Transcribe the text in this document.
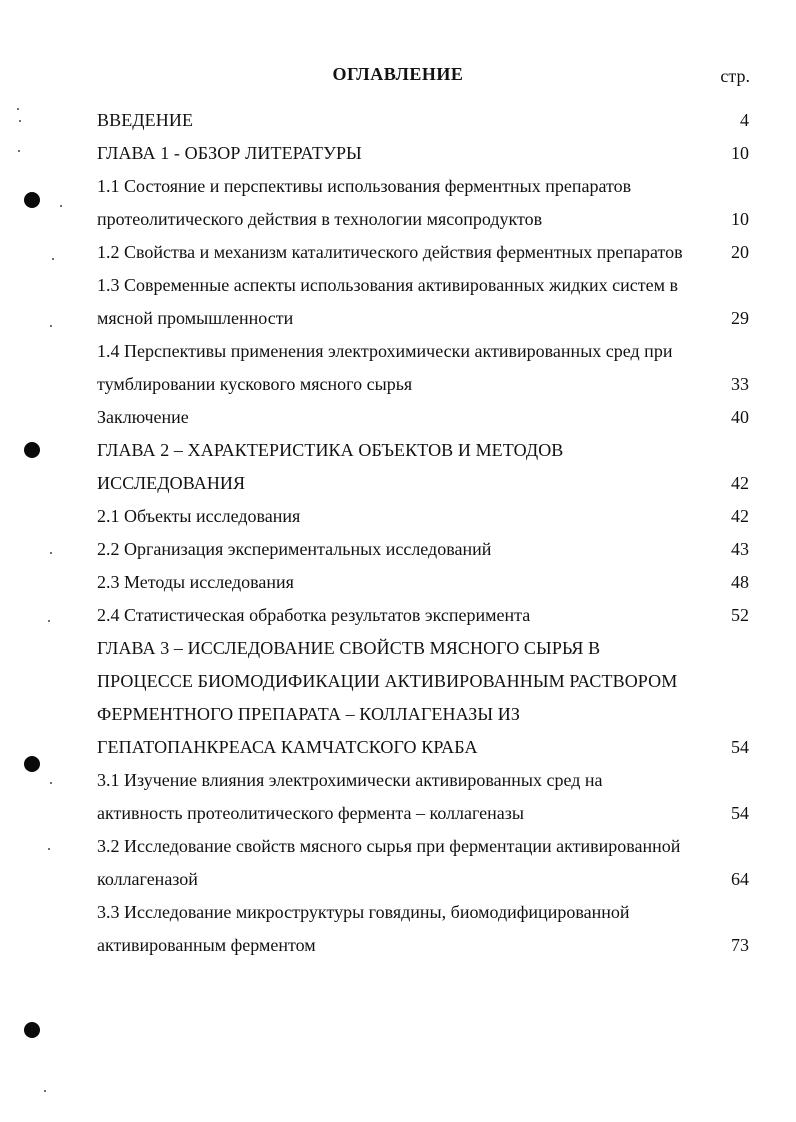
ОГЛАВЛЕНИЕ	стр.
ВВЕДЕНИЕ	4
ГЛАВА 1 - ОБЗОР ЛИТЕРАТУРЫ	10
1.1 Состояние и перспективы использования ферментных препаратов протеолитического действия в технологии мясопродуктов	10
1.2 Свойства и механизм каталитического действия ферментных препаратов	20
1.3 Современные аспекты использования активированных жидких систем в мясной промышленности	29
1.4 Перспективы применения электрохимически активированных сред при тумблировании кускового мясного сырья	33
Заключение	40
ГЛАВА 2 – ХАРАКТЕРИСТИКА ОБЪЕКТОВ И МЕТОДОВ ИССЛЕДОВАНИЯ	42
2.1 Объекты исследования	42
2.2 Организация экспериментальных исследований	43
2.3 Методы исследования	48
2.4 Статистическая обработка результатов эксперимента	52
ГЛАВА 3 – ИССЛЕДОВАНИЕ СВОЙСТВ МЯСНОГО СЫРЬЯ В ПРОЦЕССЕ БИОМОДИФИКАЦИИ АКТИВИРОВАННЫМ РАСТВОРОМ ФЕРМЕНТНОГО ПРЕПАРАТА – КОЛЛАГЕНАЗЫ ИЗ ГЕПАТОПАНКРЕАСА КАМЧАТСКОГО КРАБА	54
3.1 Изучение влияния электрохимически активированных сред на активность протеолитического фермента – коллагеназы	54
3.2 Исследование свойств мясного сырья при ферментации активированной коллагеназой	64
3.3 Исследование микроструктуры говядины, биомодифицированной активированным ферментом	73
